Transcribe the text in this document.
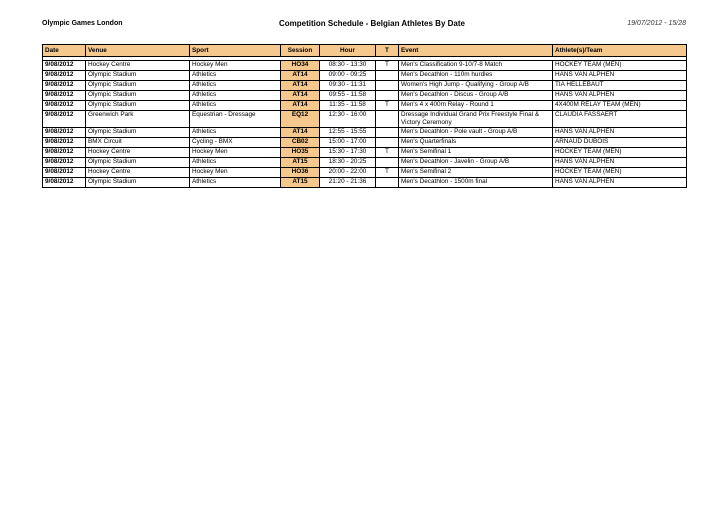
Olympic Games London	Competition Schedule - Belgian Athletes By Date	19/07/2012 - 15/28
Date	Venue	Sport	Session	Hour	T	Event	Athlete(s)/Team

9/08/2012	Hockey Centre	Hockey Men	HO34	08:30 - 13:30	T	Men's Classification 9-10/7-8 Match	HOCKEY TEAM (MEN)
9/08/2012	Olympic Stadium	Athletics	AT14	09:00 - 09:25		Men's Decathlon - 110m hurdles	HANS VAN ALPHEN
9/08/2012	Olympic Stadium	Athletics	AT14	09:30 - 11:31		Women's High Jump - Qualifying - Group A/B	TIA HELLEBAUT
9/08/2012	Olympic Stadium	Athletics	AT14	09:55 - 11:58		Men's Decathlon - Discus - Group A/B	HANS VAN ALPHEN
9/08/2012	Olympic Stadium	Athletics	AT14	11:35 - 11:58	T	Men's 4 x 400m Relay - Round 1	4X400M RELAY TEAM (MEN)
9/08/2012	Greenwich Park	Equestrian - Dressage	EQ12	12:30 - 16:00		Dressage Individual Grand Prix Freestyle Final & Victory Ceremony	CLAUDIA FASSAERT
9/08/2012	Olympic Stadium	Athletics	AT14	12:55 - 15:55		Men's Decathlon - Pole vault - Group A/B	HANS VAN ALPHEN
9/08/2012	BMX Circuit	Cycling - BMX	CB02	15:00 - 17:00		Men's Quarterfinals	ARNAUD DUBOIS
9/08/2012	Hockey Centre	Hockey Men	HO35	15:30 - 17:30	T	Men's Semifinal 1	HOCKEY TEAM (MEN)
9/08/2012	Olympic Stadium	Athletics	AT15	18:30 - 20:25		Men's Decathlon - Javelin - Group A/B	HANS VAN ALPHEN
9/08/2012	Hockey Centre	Hockey Men	HO36	20:00 - 22:00	T	Men's Semifinal 2	HOCKEY TEAM (MEN)
9/08/2012	Olympic Stadium	Athletics	AT15	21:20 - 21:36		Men's Decathlon - 1500m final	HANS VAN ALPHEN
